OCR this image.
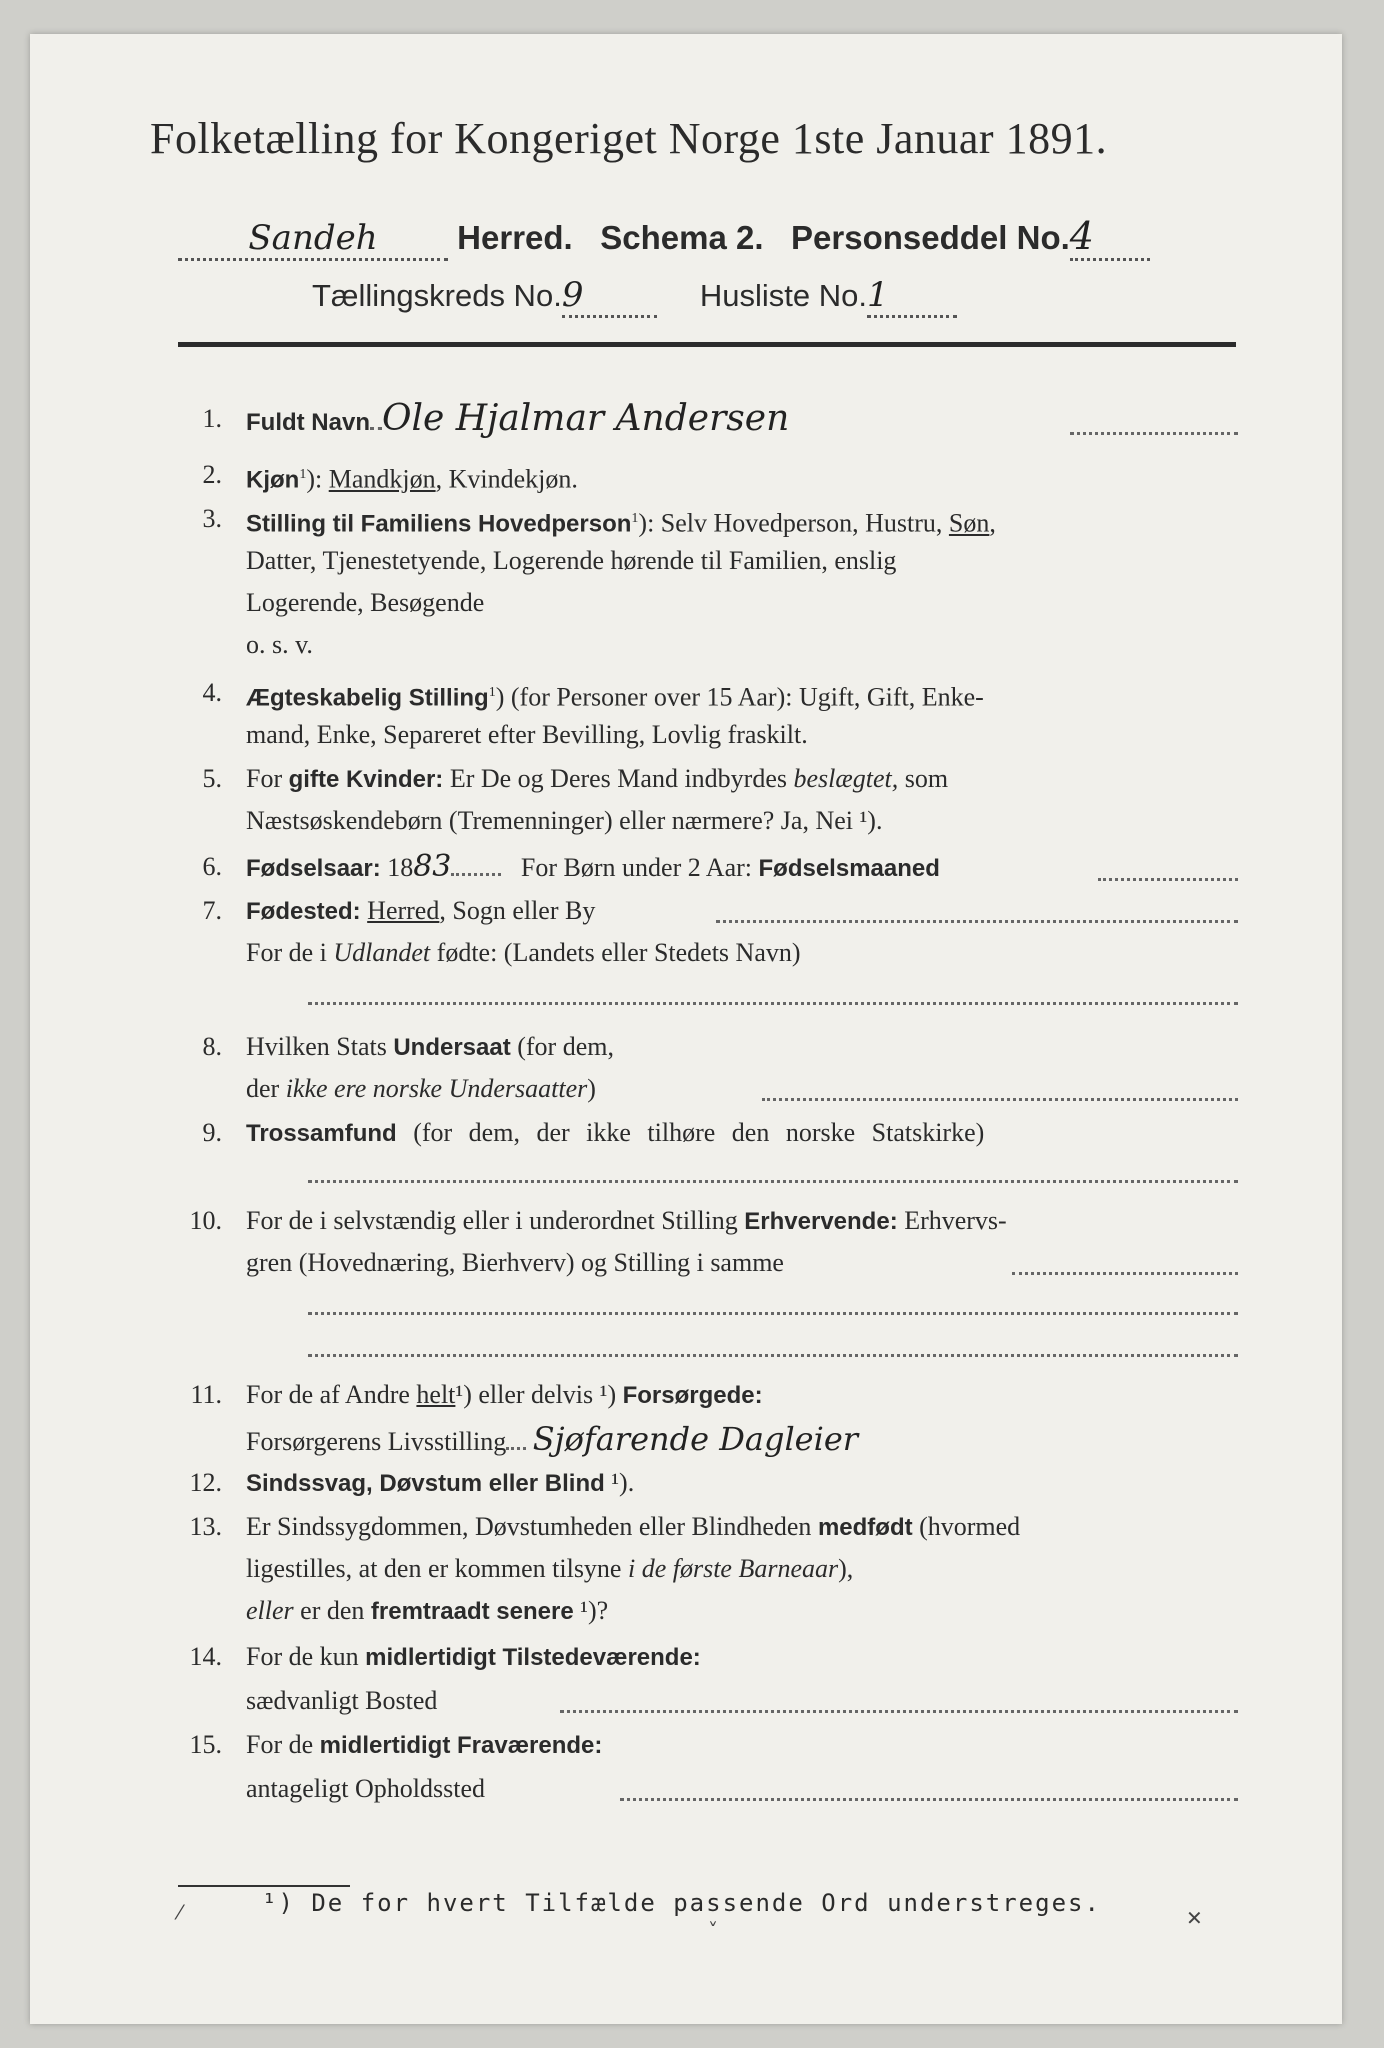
Folketælling for Kongeriget Norge 1ste Januar 1891.
Sandeh Herred. Schema 2. Personseddel No.4
Tællingskreds No.9	Husliste No.1
1. Fuldt Navn Ole Hjalmar Andersen
2. Kjøn$^1$): Mandkjøn, Kvindekjøn.
3. Stilling til Familiens Hovedperson$^1$): Selv Hovedperson, Hustru, Søn,
Datter, Tjenestetyende, Logerende hørende til Familien, enslig
Logerende, Besøgende
o. s. v.
4. Ægteskabelig Stilling$^1$) (for Personer over 15 Aar): Ugift, Gift, Enke-
mand, Enke, Separeret efter Bevilling, Lovlig fraskilt.
5. For gifte Kvinder: Er De og Deres Mand indbyrdes beslægtet, som
Næstsøskendebørn (Tremenninger) eller nærmere? Ja, Nei ¹).
6. Fødselsaar: 1883	For Børn under 2 Aar: Fødselsmaaned
7. Fødested: Herred, Sogn eller By
For de i Udlandet fødte: (Landets eller Stedets Navn)
8. Hvilken Stats Undersaat (for dem,
der ikke ere norske Undersaatter)
9. Trossamfund (for dem, der ikke tilhøre den norske Statskirke)
10. For de i selvstændig eller i underordnet Stilling Erhvervende: Erhvervs-
gren (Hovednæring, Bierhverv) og Stilling i samme
11. For de af Andre helt¹) eller delvis ¹) Forsørgede:
Forsørgerens Livsstilling Sjøfarende Dagleier
12. Sindssvag, Døvstum eller Blind ¹).
13. Er Sindssygdommen, Døvstumheden eller Blindheden medfødt (hvormed
ligestilles, at den er kommen tilsyne i de første Barneaar),
eller er den fremtraadt senere ¹)?
14. For de kun midlertidigt Tilstedeværende:
sædvanligt Bosted
15. For de midlertidigt Fraværende:
antageligt Opholdssted
¹) De for hvert Tilfælde passende Ord understreges.
⁄
˅	✕
